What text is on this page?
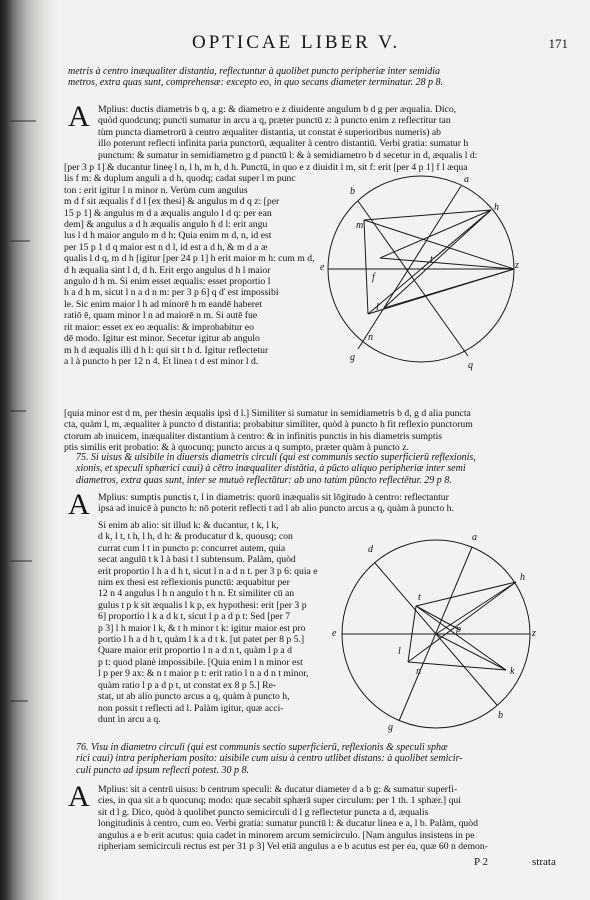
OPTICAE LIBER V.	171

metris à centro inæqualiter distantia, reflectuntur à quolibet puncto peripheriæ inter semidia

metros, extra quas sunt, comprehensæ: excepto eo, in quo secans diameter terminatur. 28 p 8.

A Mplius: ductis diametris b q, a g: & diametro e z diuidente angulum b d g per æqualia. Dico,

quòd quodcunq; puncti sumatur in arcu a q, præter punctū z: à puncto enim z reflectitur tan

tùm puncta diametrorū à centro æqualiter distantia, ut constat è superioribus numeris) ab

illo poterunt reflecti infinita paria punctorū, æqualiter à centro distantiū. Verbi gratia: sumatur h

punctum: & sumatur in semidiametro g d punctū l: & à semidiametro b d secetur in d, æqualis l d:

[per 3 p 1] & ducantur lineę l n, l h, m h, d h. Punctū, in quo e z diuidit l m, sit f: erit [per 4 p 1] f l æqua

lis f m: & duplum anguli a d h, quodq; cadat super l m punc

ton : erit igitur l n minor n. Verùm cum angulus

m d f sit æqualis f d l [ex thesi] & angulus m d q z: [per

15 p 1] & angulus m d a æqualis angulo l d q: per ean

dem] & angulus a d h æqualis angulo h d l: erit angu

lus l d h maior angulo m d h: Quia enim m d, n, id est

per 15 p 1 d q maior est n d l, id est a d h, & m d a æ

qualis l d q, m d h [igitur [per 24 p 1] h erit maior m h: cum m d,

d h æqualia sint l d, d h. Erit ergo angulus d h l maior

angulo d h m. Si enim esset æqualis: esset proportio l

h a d h m, sicut l n a d n m: per 3 p 6] q ď est impossibi

le. Sic enim maior l h ad minorē h m eandē haberet

ratiō ē, quam minor l n ad maiorē n m. Si autē fue

rit maior: esset ex eo æqualis: & improbabitur eo

dē modo. Igitur est minor. Secetur igitur ab angulo

m h d æqualis illi d h l: qui sit t h d. Igitur reflectetur

a l à puncto h per 12 n 4. Et linea t d est minor l d.

[quia minor est d m, per thesin æqualis ipsi d l.] Similiter si sumatur in semidiametris b d, g d alia puncta

cta, quàm l, m, æqualiter à puncto d distantia: probabitur similiter, quòd à puncto h fit reflexio punctorum

ctorum ab inuicem, inæqualiter distantium à centro: & in infinitis punctis in his diametris sumptis

ptis similis erit probatio: & à quocunq; puncto arcus a q sumpto, præter quàm à puncto z.

b
a
h
m
t
e
f
z
l
n
g
q

75. Si uisus & uisibile in diuersis diametris circuli (qui est communis sectio superficierū reflexionis,

xionis, et speculi sphærici caui) à cētro inæqualiter distātia, à pūcto aliquo peripheriæ inter semi

diametros, extra quas sunt, inter se mutuò reflectātur: ab uno tatùm pūncto reflectētur. 29 p 8.

A Mplius: sumptis punctis t, l in diametris: quorū inæqualis sit lōgitudo à centro: reflectantur

ipsa ad inuicē à puncto h: nō poterit reflecti t ad l ab alio puncto arcus a q, quàm à puncto h.

Si enim ab alio: sit illud k: & ducantur, t k, l k,

d k, l t, t h, l h, d h: & producatur d k, quousq; con

currat cum l t in puncto p: concurret autem, quia

secat angulū t k l à basi t l subtensum. Palàm, quòd

erit proportio l h a d h t, sicut l n a d n t. per 3 p 6: quia e

nim ex thesi est reflexionis punctū: æquabitur per

12 n 4 angulus l h n angulo t h n. Et similiter cū an

gulus t p k sit æqualis l k p, ex hypothesi: erit [per 3 p

6] proportio l k a d k t, sicut l p a d p t: Sed [per 7

p 3] l h maior l k, & t h minor t k: igitur maior est pro

portio l h a d h t, quàm l k a d t k. [ut patet per 8 p 5.]

Quare maior erit proportio l n a d n t, quàm l p a d

p t: quod planè impossibile. [Quia enim l n minor est

l p per 9 ax: & n t maior p t: erit ratio l n a d n t minor,

quàm ratio l p a d p t, ut constat ex 8 p 5.] Re-

stat, ut ab alio puncto arcus a q, quàm à puncto h,

non possit t reflecti ad l. Palàm igitur, quæ acci-

dunt in arcu a q.

d
a
h
t
p
l
e	z
n	k
g
b

76. Visu in diametro circuli (qui est communis sectio superficierū, reflexionis & speculi sphæ

rici caui) intra peripheriam posito: uisibile cum uisu à centro utlibet distans: à quolibet semicir-

culi puncto ad ipsum reflecti potest. 30 p 8.

A Mplius: sit a centrū uisus: b centrum speculi: & ducatur diameter d a b g: & sumatur superfi-

cies, in qua sit a b quocunq; modo: quæ secabit sphærā super circulum: per 1 th. 1 sphær.] qui

sit d l g. Dico, quòd à quolibet puncto semicirculi d l g reflectetur puncta a d, æqualis

longitudinis à centro, cum eo. Verbi gratia: sumatur punctū l: & ducatur linea e a, l b. Palàm, quòd

angulus a e b erit acutus: quia cadet in minorem arcum semicirculo. [Nam angulus insistens in pe

ripheriam semicirculi rectus est per 31 p 3] Vel etiā angulus a e b acutus est per ea, quæ 60 n demon-

P 2	strata
